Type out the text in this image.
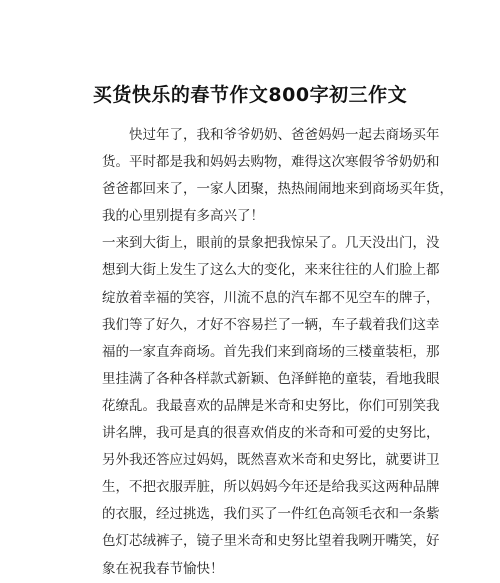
买货快乐的春节作文800字初三作文
快 过 年 了 ， 我 和 爷 爷 奶 奶 、 爸 爸 妈 妈 一 起 去 商 场 买 年
货 。 平 时 都 是 我 和 妈 妈 去 购 物 ， 难 得 这 次 寒 假 爷 爷 奶 奶 和
爸 爸 都 回 来 了 ， 一 家 人 团 聚 ， 热 热 闹 闹 地 来 到 商 场 买 年 货 ，
我的心里别提有多高兴了！
一 来 到 大 街 上 ， 眼 前 的 景 象 把 我 惊 呆 了 。 几 天 没 出 门 ， 没
想 到 大 街 上 发 生 了 这 么 大 的 变 化 ， 来 来 往 往 的 人 们 脸 上 都
绽 放 着 幸 福 的 笑 容 ， 川 流 不 息 的 汽 车 都 不 见 空 车 的 牌 子 ，
我 们 等 了 好 久 ， 才 好 不 容 易 拦 了 一 辆 ， 车 子 载 着 我 们 这 幸
福 的 一 家 直 奔 商 场 。 首 先 我 们 来 到 商 场 的 三 楼 童 装 柜 ， 那
里 挂 满 了 各 种 各 样 款 式 新 颖 、 色 泽 鲜 艳 的 童 装 ， 看 地 我 眼
花 缭 乱 。 我 最 喜 欢 的 品 牌 是 米 奇 和 史 努 比 ， 你 们 可 别 笑 我
讲 名 牌 ， 我 可 是 真 的 很 喜 欢 俏 皮 的 米 奇 和 可 爱 的 史 努 比 ，
另 外 我 还 答 应 过 妈 妈 ， 既 然 喜 欢 米 奇 和 史 努 比 ， 就 要 讲 卫
生 ， 不 把 衣 服 弄 脏 ， 所 以 妈 妈 今 年 还 是 给 我 买 这 两 种 品 牌
的 衣 服 ， 经 过 挑 选 ， 我 们 买 了 一 件 红 色 高 领 毛 衣 和 一 条 紫
色 灯 芯 绒 裤 子 ， 镜 子 里 米 奇 和 史 努 比 望 着 我 咧 开 嘴 笑 ， 好
象在祝我春节愉快！
